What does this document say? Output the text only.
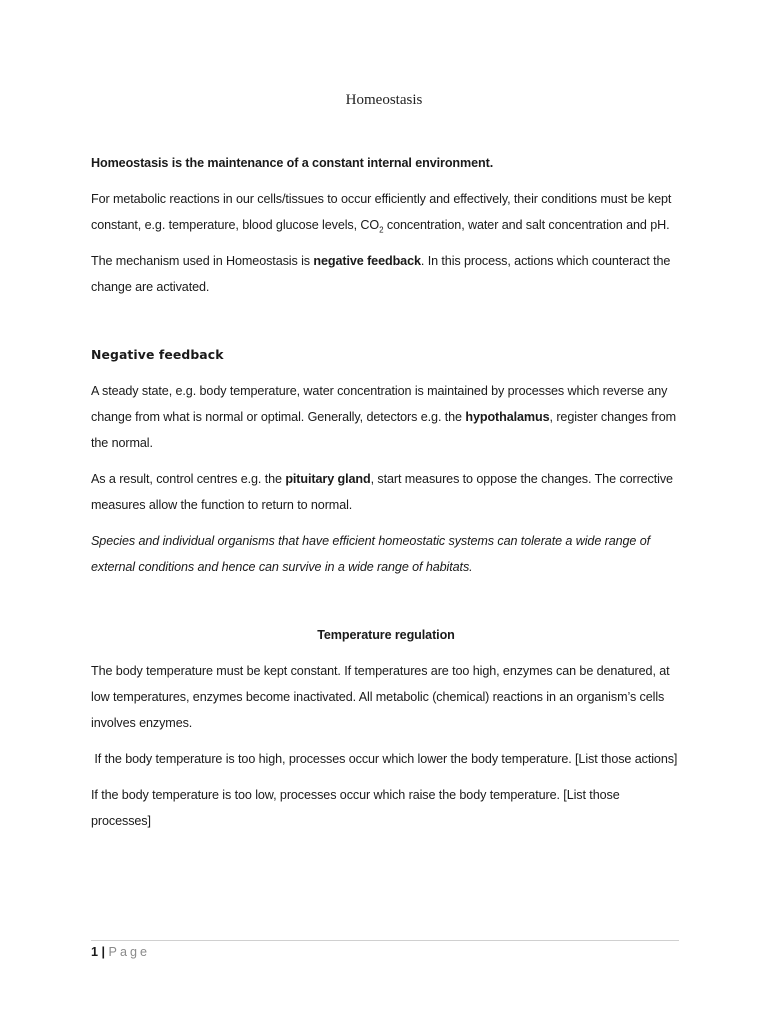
Homeostasis

Homeostasis is the maintenance of a constant internal environment.

For metabolic reactions in our cells/tissues to occur efficiently and effectively, their conditions must be kept constant, e.g. temperature, blood glucose levels, $CO_2$ concentration, water and salt concentration and pH.

The mechanism used in Homeostasis is negative feedback. In this process, actions which counteract the change are activated.

Negative feedback

A steady state, e.g. body temperature, water concentration is maintained by processes which reverse any change from what is normal or optimal. Generally, detectors e.g. the hypothalamus, register changes from the normal.

As a result, control centres e.g. the pituitary gland, start measures to oppose the changes. The corrective measures allow the function to return to normal.

Species and individual organisms that have efficient homeostatic systems can tolerate a wide range of external conditions and hence can survive in a wide range of habitats.

Temperature regulation

The body temperature must be kept constant. If temperatures are too high, enzymes can be denatured, at low temperatures, enzymes become inactivated. All metabolic (chemical) reactions in an organism’s cells involves enzymes.

If the body temperature is too high, processes occur which lower the body temperature. [List those actions]

If the body temperature is too low, processes occur which raise the body temperature. [List those processes]

1 | Page
